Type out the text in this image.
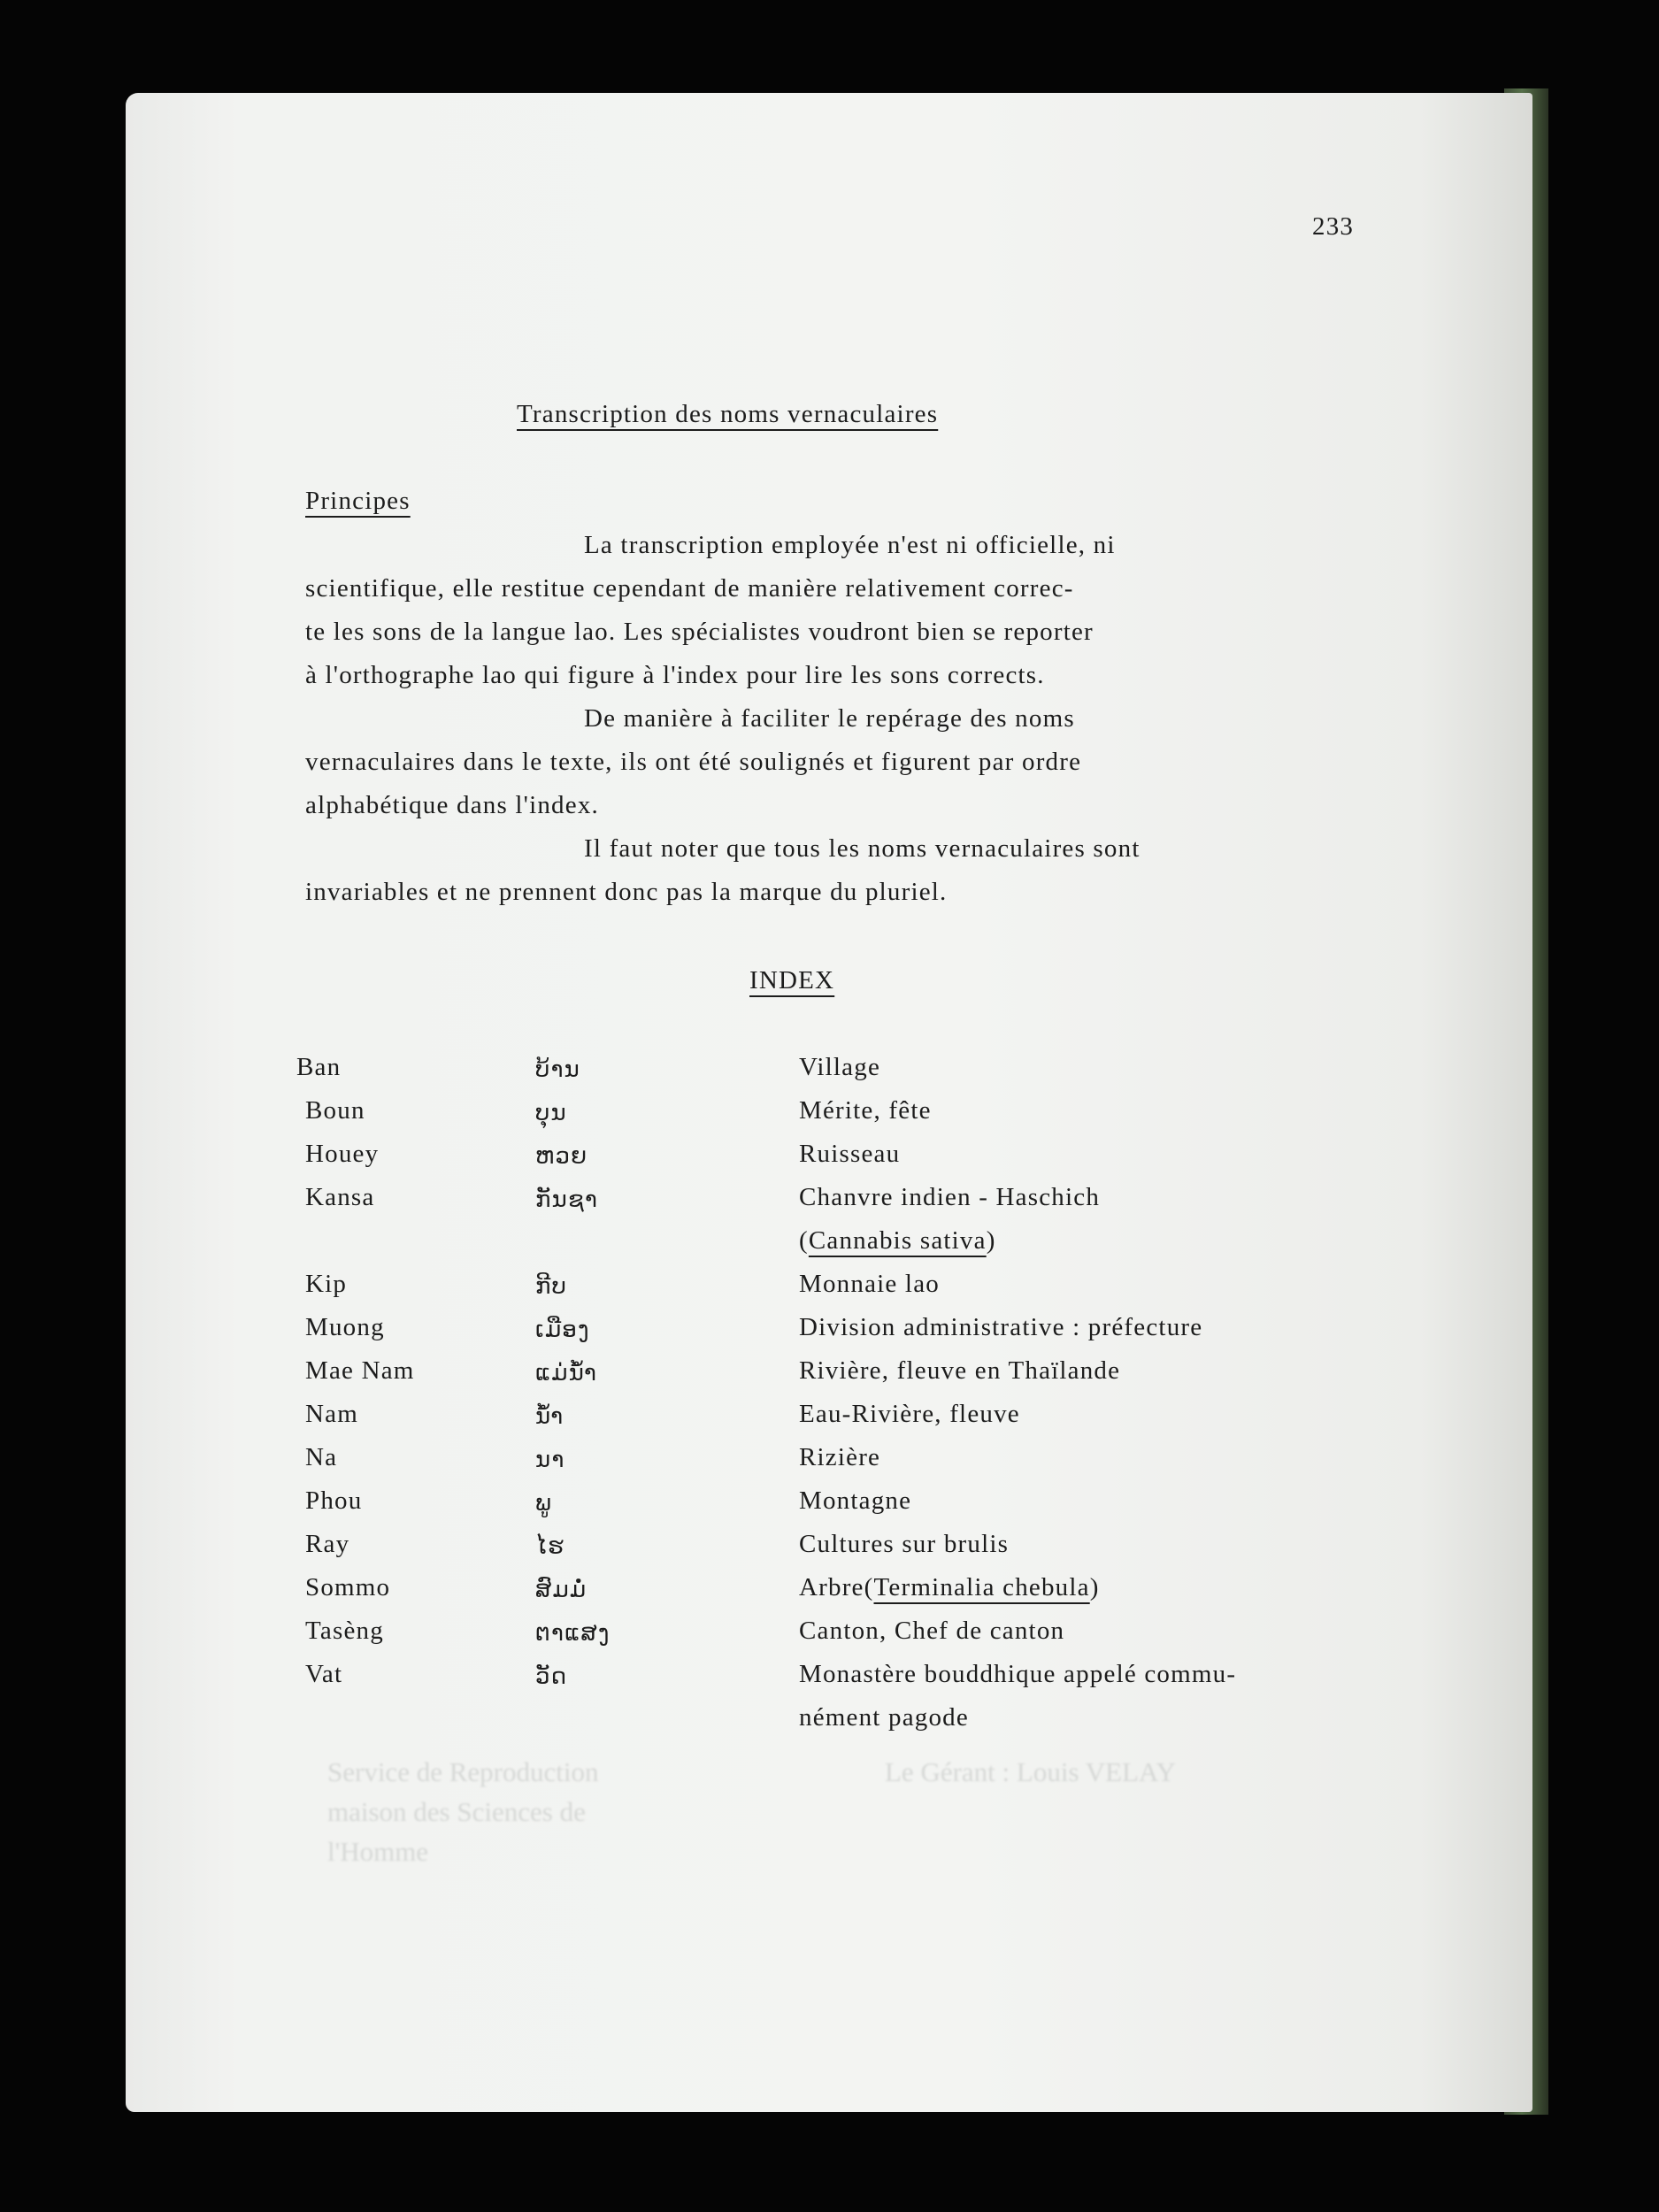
233
Transcription des noms vernaculaires
Principes
La transcription employée n'est ni officielle, ni
scientifique, elle restitue cependant de manière relativement correc-
te les sons de la langue lao. Les spécialistes voudront bien se reporter
à l'orthographe lao qui figure à l'index pour lire les sons corrects.
De manière à faciliter le repérage des noms
vernaculaires dans le texte, ils ont été soulignés et figurent par ordre
alphabétique dans l'index.
Il faut noter que tous les noms vernaculaires sont
invariables et ne prennent donc pas la marque du pluriel.
INDEX
Ban	ບ້ານ	Village
Boun	ບຸນ	Mérite, fête
Houey	ຫວຍ	Ruisseau
Kansa	ກັນຊາ	Chanvre indien - Haschich
(Cannabis sativa)
Kip	ກີບ	Monnaie lao
Muong	ເມືອງ	Division administrative : préfecture
Mae Nam	ແມ່ນ້ຳ	Rivière, fleuve en Thaïlande
Nam	ນ້ຳ	Eau-Rivière, fleuve
Na	ນາ	Rizière
Phou	ພູ	Montagne
Ray	ໄຮ	Cultures sur brulis
Sommo	ສົມມໍ່	Arbre(Terminalia chebula)
Tasèng	ຕາແສງ	Canton, Chef de canton
Vat	ວັດ	Monastère bouddhique appelé commu-
nément pagode
Service de Reproduction
maison des Sciences de
l'Homme
Le Gérant : Louis VELAY
